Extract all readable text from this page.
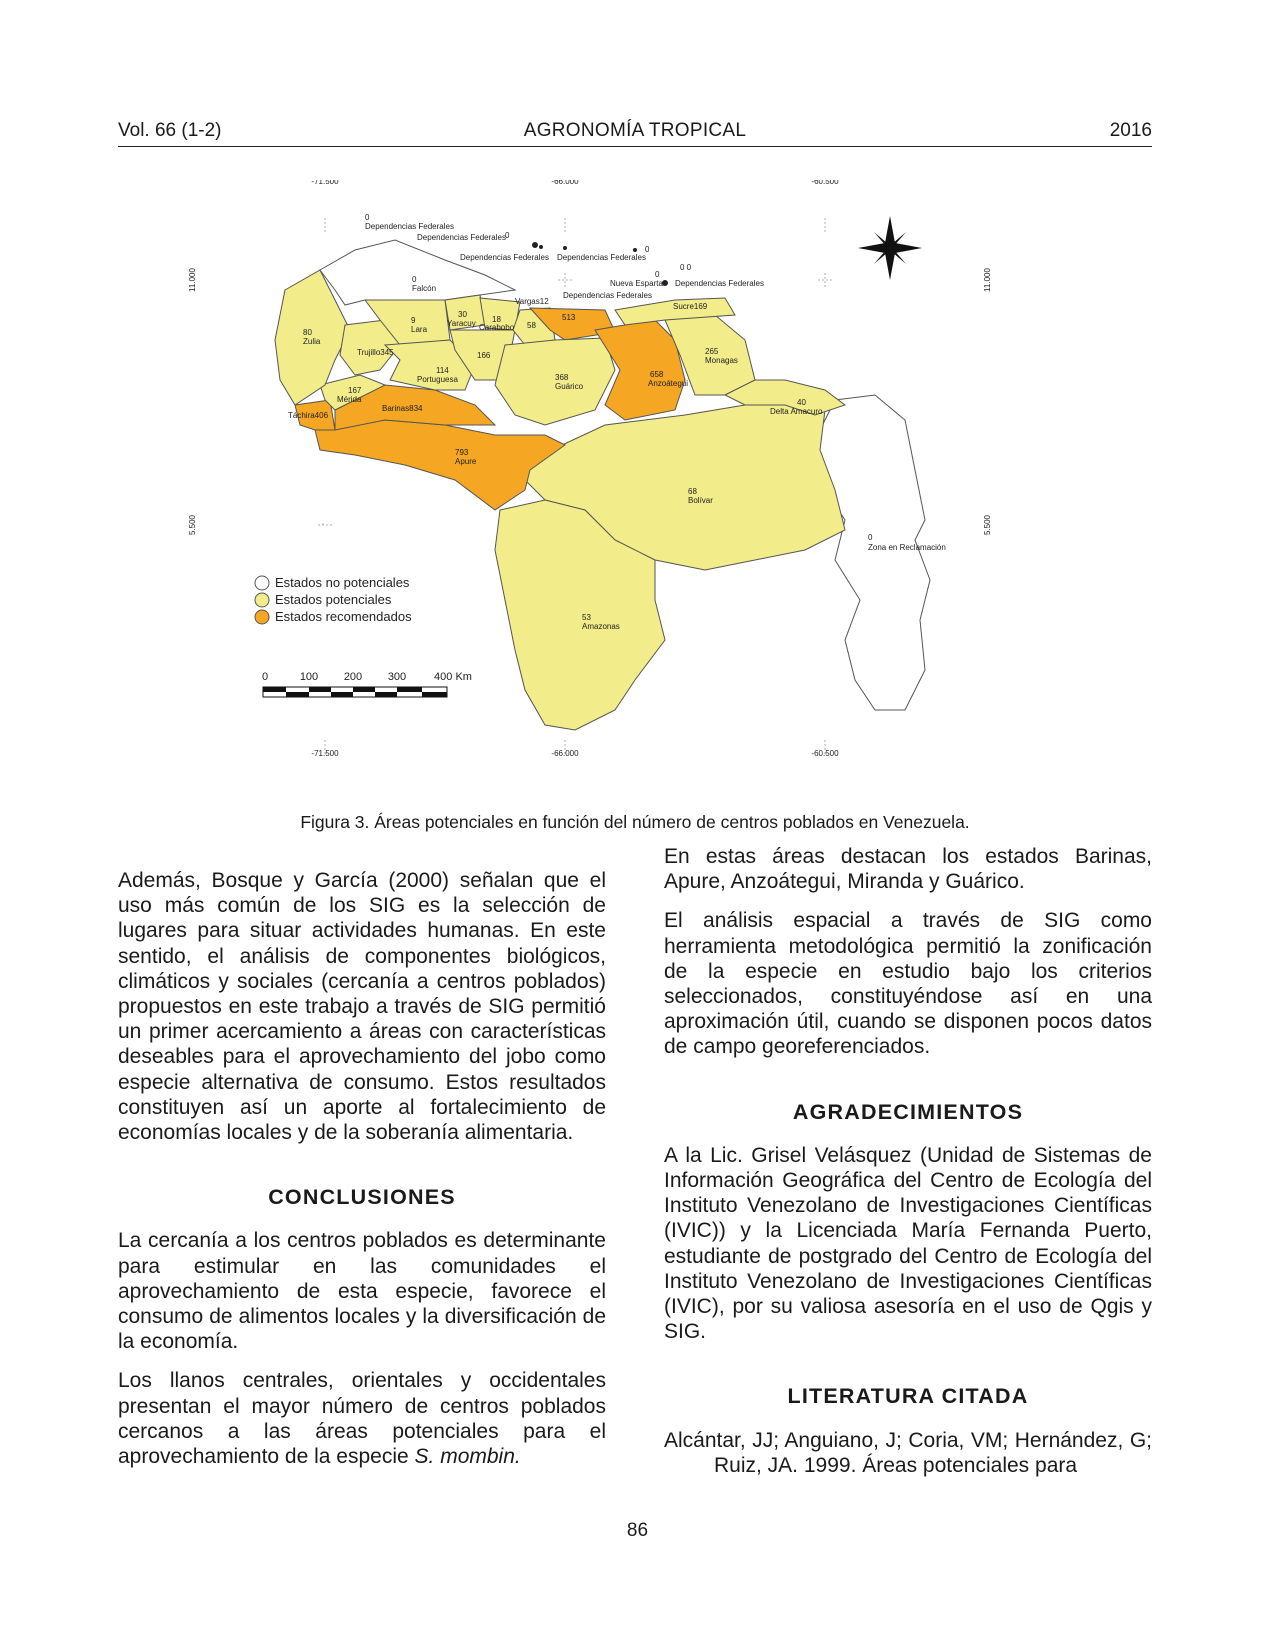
AGRONOMÍA TROPICAL
Vol. 66 (1-2)	2016
-71.500	-66.000	-60.500
-71.500	-66.000	-60.500
11.000
5.500
11.000
5.500
0
Dependencias Federales
Dependencias Federales 0
Dependencias Federales Dependencias Federales
0
0
Falcón
Nueva Esparta
0
Dependencias Federales
Dependencias Federales
0 0
Vargas12
Sucre169
80
Zulia
9
Lara
30
Yaracuy 18
Carabobo
513
58
Trujillo345	166	265
Monagas
114
Portuguesa	368
Guárico
658
Anzoátegui
167
Mérida
Barinas834
Táchira406
40
Delta Amacuro
793
Apure
68
Bolívar
0
Zona en Reclamación
53
Amazonas
Estados no potenciales
Estados potenciales
Estados recomendados
0	100 200 300	400 Km
Figura 3. Áreas potenciales en función del número de centros poblados en Venezuela.

Además, Bosque y García (2000) señalan que el uso más común de los SIG es la selección de lugares para situar actividades humanas. En este sentido, el análisis de componentes biológicos, climáticos y sociales (cercanía a centros poblados) propuestos en este trabajo a través de SIG permitió un primer acercamiento a áreas con características deseables para el aprovechamiento del jobo como especie alternativa de consumo. Estos resultados constituyen así un aporte al fortalecimiento de economías locales y de la soberanía alimentaria.

CONCLUSIONES

La cercanía a los centros poblados es determinante para estimular en las comunidades el aprovechamiento de esta especie, favorece el consumo de alimentos locales y la diversificación de la economía.

Los llanos centrales, orientales y occidentales presentan el mayor número de centros poblados cercanos a las áreas potenciales para el aprovechamiento de la especie S. mombin.

En estas áreas destacan los estados Barinas, Apure, Anzoátegui, Miranda y Guárico.

El análisis espacial a través de SIG como herramienta metodológica permitió la zonificación de la especie en estudio bajo los criterios seleccionados, constituyéndose así en una aproximación útil, cuando se disponen pocos datos de campo georeferenciados.

AGRADECIMIENTOS

A la Lic. Grisel Velásquez (Unidad de Sistemas de Información Geográfica del Centro de Ecología del Instituto Venezolano de Investigaciones Científicas (IVIC)) y la Licenciada María Fernanda Puerto, estudiante de postgrado del Centro de Ecología del Instituto Venezolano de Investigaciones Científicas (IVIC), por su valiosa asesoría en el uso de Qgis y SIG.

LITERATURA CITADA

Alcántar, JJ; Anguiano, J; Coria, VM; Hernández, G; Ruiz, JA. 1999. Áreas potenciales para

86
